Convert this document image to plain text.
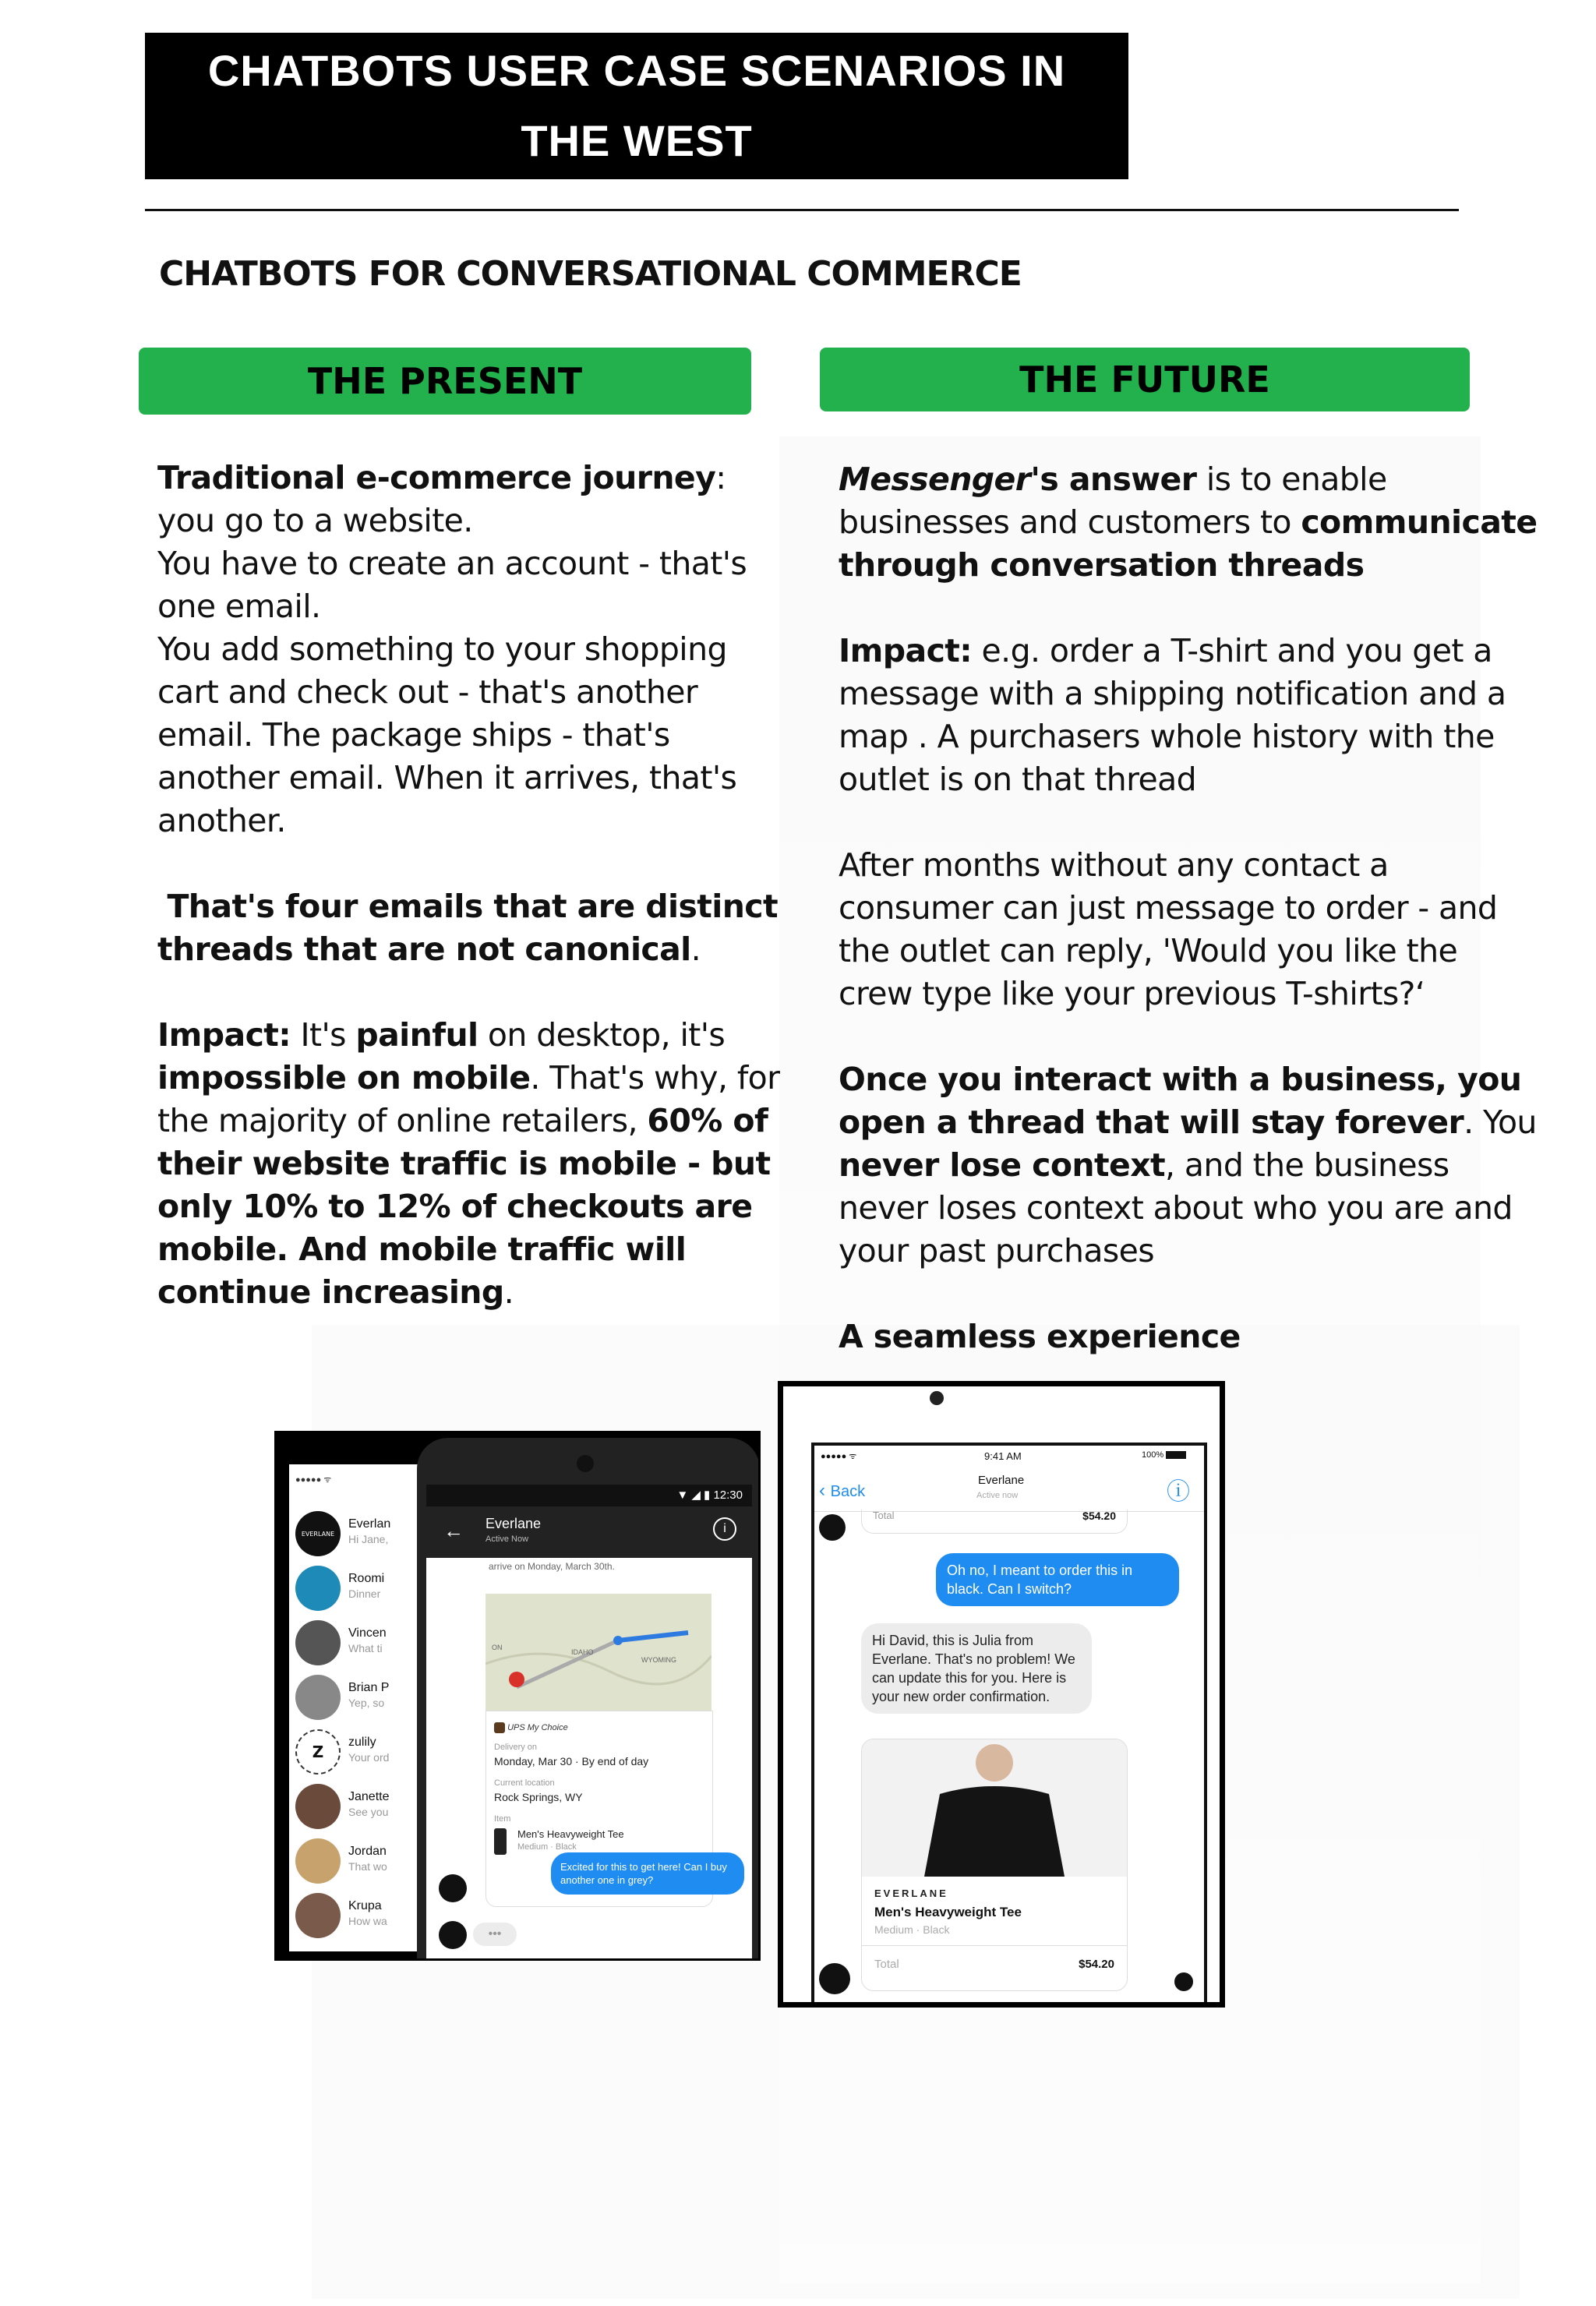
CHATBOTS USER CASE SCENARIOS IN
THE WEST
CHATBOTS FOR CONVERSATIONAL COMMERCE
THE PRESENT	THE FUTURE

Traditional e-commerce journey: you go to a website.

You have to create an account - that's one email.

You add something to your shopping cart and check out - that's another email. The package ships - that's another email. When it arrives, that's another.

That's four emails that are distinct threads that are not canonical.

Impact: It's painful on desktop, it's impossible on mobile. That's why, for the majority of online retailers, 60% of their website traffic is mobile - but only 10% to 12% of checkouts are mobile. And mobile traffic will continue increasing.

Messenger's answer is to enable businesses and customers to communicate through conversation threads

Impact: e.g. order a T-shirt and you get a message with a shipping notification and a map . A purchasers whole history with the outlet is on that thread

After months without any contact a consumer can just message to order - and the outlet can reply, 'Would you like the crew type like your previous T-shirts?‘

Once you interact with a business, you open a thread that will stay forever. You never lose context, and the business never loses context about who you are and your past purchases

A seamless experience

●●●●● ᯤ
EVERLANE
Everlan
Hi Jane,
Roomi
Dinner
Vincen
What ti
Brian P
Yep, so
Z
zulily
Your ord
Janette
See you
Jordan
That wo
Krupa
How wa
▼ ◢ ▮ 12:30
← Everlane
Active Now
i
arrive on Monday, March 30th.
IDAHO
WYOMING
ON
UPS My Choice
Delivery on
Monday, Mar 30 · By end of day
Current location
Rock Springs, WY
Item
Men's Heavyweight Tee
Medium · Black
Excited for this to get here! Can I buy another one in grey?
•••
●●●●● ᯤ	9:41 AM	100%
‹ Back
Everlane
Active now	ⓘ
Total	$54.20
Oh no, I meant to order this in black. Can I switch?
Hi David, this is Julia from Everlane. That's no problem! We can update this for you. Here is your new order confirmation.
EVERLANE
Men's Heavyweight Tee
Medium · Black
Total	$54.20
